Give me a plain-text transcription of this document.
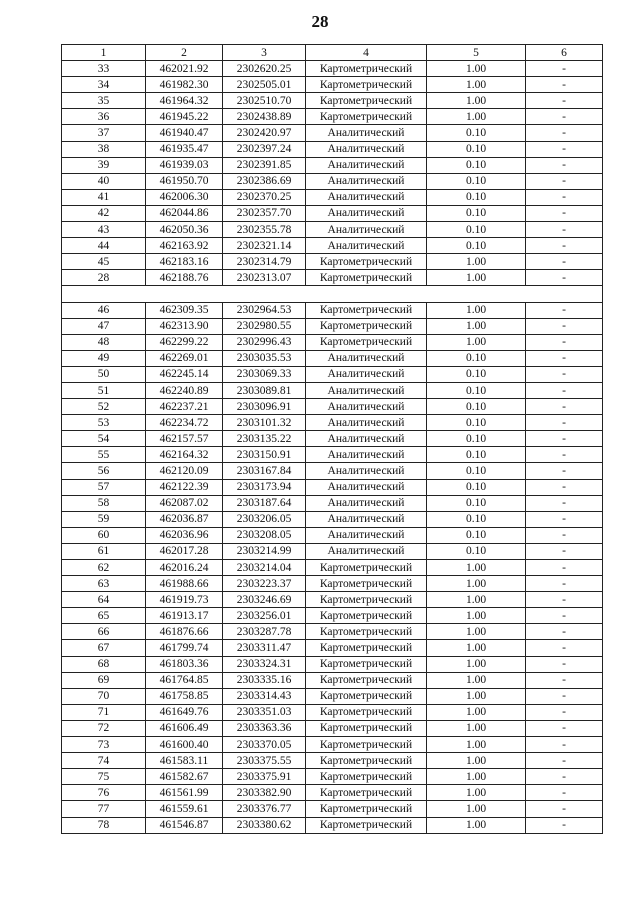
28
1	2	3	4	5	6
33	462021.92	2302620.25	Картометрический	1.00	-
34	461982.30	2302505.01	Картометрический	1.00	-
35	461964.32	2302510.70	Картометрический	1.00	-
36	461945.22	2302438.89	Картометрический	1.00	-
37	461940.47	2302420.97	Аналитический	0.10	-
38	461935.47	2302397.24	Аналитический	0.10	-
39	461939.03	2302391.85	Аналитический	0.10	-
40	461950.70	2302386.69	Аналитический	0.10	-
41	462006.30	2302370.25	Аналитический	0.10	-
42	462044.86	2302357.70	Аналитический	0.10	-
43	462050.36	2302355.78	Аналитический	0.10	-
44	462163.92	2302321.14	Аналитический	0.10	-
45	462183.16	2302314.79	Картометрический	1.00	-
28	462188.76	2302313.07	Картометрический	1.00	-

46	462309.35	2302964.53	Картометрический	1.00	-
47	462313.90	2302980.55	Картометрический	1.00	-
48	462299.22	2302996.43	Картометрический	1.00	-
49	462269.01	2303035.53	Аналитический	0.10	-
50	462245.14	2303069.33	Аналитический	0.10	-
51	462240.89	2303089.81	Аналитический	0.10	-
52	462237.21	2303096.91	Аналитический	0.10	-
53	462234.72	2303101.32	Аналитический	0.10	-
54	462157.57	2303135.22	Аналитический	0.10	-
55	462164.32	2303150.91	Аналитический	0.10	-
56	462120.09	2303167.84	Аналитический	0.10	-
57	462122.39	2303173.94	Аналитический	0.10	-
58	462087.02	2303187.64	Аналитический	0.10	-
59	462036.87	2303206.05	Аналитический	0.10	-
60	462036.96	2303208.05	Аналитический	0.10	-
61	462017.28	2303214.99	Аналитический	0.10	-
62	462016.24	2303214.04	Картометрический	1.00	-
63	461988.66	2303223.37	Картометрический	1.00	-
64	461919.73	2303246.69	Картометрический	1.00	-
65	461913.17	2303256.01	Картометрический	1.00	-
66	461876.66	2303287.78	Картометрический	1.00	-
67	461799.74	2303311.47	Картометрический	1.00	-
68	461803.36	2303324.31	Картометрический	1.00	-
69	461764.85	2303335.16	Картометрический	1.00	-
70	461758.85	2303314.43	Картометрический	1.00	-
71	461649.76	2303351.03	Картометрический	1.00	-
72	461606.49	2303363.36	Картометрический	1.00	-
73	461600.40	2303370.05	Картометрический	1.00	-
74	461583.11	2303375.55	Картометрический	1.00	-
75	461582.67	2303375.91	Картометрический	1.00	-
76	461561.99	2303382.90	Картометрический	1.00	-
77	461559.61	2303376.77	Картометрический	1.00	-
78	461546.87	2303380.62	Картометрический	1.00	-
